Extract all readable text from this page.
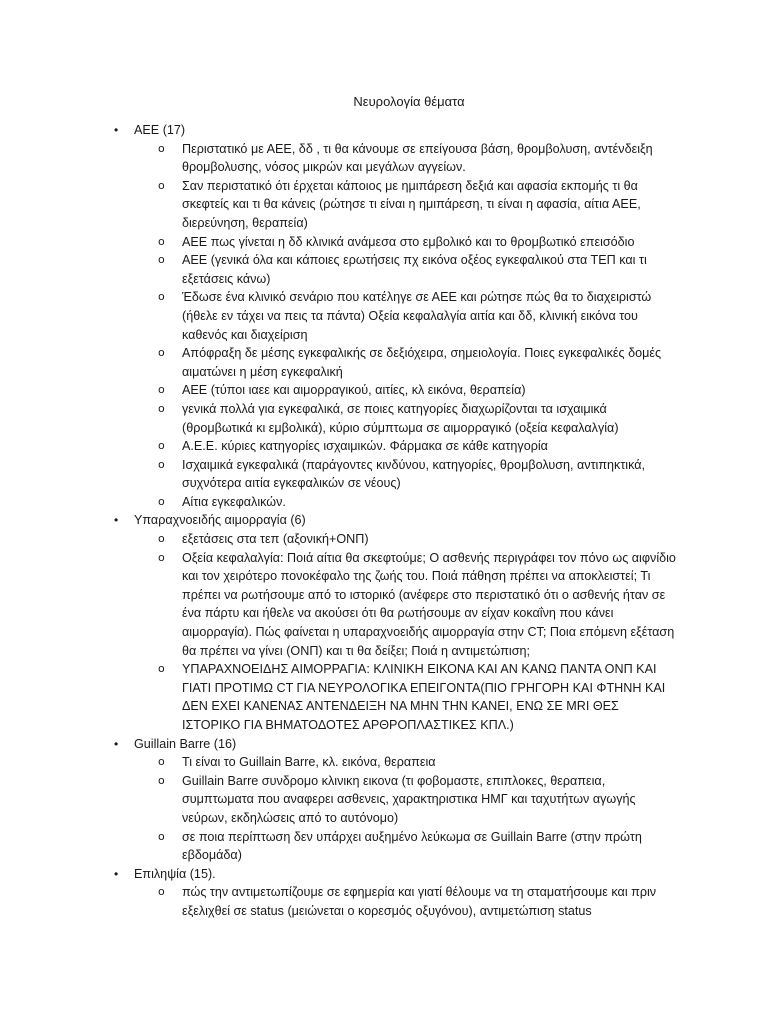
Νευρολογία θέματα
• ΑΕΕ (17)
o Περιστατικό με ΑΕΕ, δδ , τι θα κάνουμε σε επείγουσα βάση, θρομβολυση, αντένδειξη θρομβολυσης, νόσος μικρών και μεγάλων αγγείων.
o Σαν περιστατικό ότι έρχεται κάποιος με ημιπάρεση δεξιά και αφασία εκπομής τι θα σκεφτείς και τι θα κάνεις (ρώτησε τι είναι η ημιπάρεση, τι είναι η αφασία, αίτια ΑΕΕ, διερεύνηση, θεραπεία)
o ΑΕΕ πως γίνεται η δδ κλινικά ανάμεσα στο εμβολικό και το θρομβωτικό επεισόδιο
o ΑΕΕ (γενικά όλα και κάποιες ερωτήσεις πχ εικόνα οξέος εγκεφαλικού στα ΤΕΠ και τι εξετάσεις κάνω)
o Έδωσε ένα κλινικό σενάριο που κατέληγε σε ΑΕΕ και ρώτησε πώς θα το διαχειριστώ (ήθελε εν τάχει να πεις τα πάντα) Οξεία κεφαλαλγία αιτία και δδ, κλινική εικόνα του καθενός και διαχείριση
o Απόφραξη δε μέσης εγκεφαλικής σε δεξιόχειρα, σημειολογία. Ποιες εγκεφαλικές δομές αιματώνει η μέση εγκεφαλική
o ΑΕΕ (τύποι ιαεε και αιμορραγικού, αιτίες, κλ εικόνα, θεραπεία)
o γενικά πολλά για εγκεφαλικά, σε ποιες κατηγορίες διαχωρίζονται τα ισχαιμικά (θρομβωτικά κι εμβολικά), κύριο σύμπτωμα σε αιμορραγικό (οξεία κεφαλαλγία)
o Α.Ε.Ε. κύριες κατηγορίες ισχαιμικών. Φάρμακα σε κάθε κατηγορία
o Ισχαιμικά εγκεφαλικά (παράγοντες κινδύνου, κατηγορίες, θρομβολυση, αντιπηκτικά, συχνότερα αιτία εγκεφαλικών σε νέους)
o Αίτια εγκεφαλικών.
• Υπαραχνοειδής αιμορραγία (6)
o εξετάσεις στα τεπ (αξονική+ΟΝΠ)
o Οξεία κεφαλαλγία: Ποιά αίτια θα σκεφτούμε; Ο ασθενής περιγράφει τον πόνο ως αιφνίδιο και τον χειρότερο πονοκέφαλο της ζωής του. Ποιά πάθηση πρέπει να αποκλειστεί; Τι πρέπει να ρωτήσουμε από το ιστορικό (ανέφερε στο περιστατικό ότι ο ασθενής ήταν σε ένα πάρτυ και ήθελε να ακούσει ότι θα ρωτήσουμε αν είχαν κοκαΐνη που κάνει αιμορραγία). Πώς φαίνεται η υπαραχνοειδής αιμορραγία στην CT; Ποια επόμενη εξέταση θα πρέπει να γίνει (ΟΝΠ) και τι θα δείξει; Ποιά η αντιμετώπιση;
o ΥΠΑΡΑΧΝΟΕΙΔΗΣ ΑΙΜΟΡΡΑΓΙΑ: ΚΛΙΝΙΚΗ ΕΙΚΟΝΑ ΚΑΙ ΑΝ ΚΑΝΩ ΠΑΝΤΑ ΟΝΠ ΚΑΙ ΓΙΑΤΙ ΠΡΟΤΙΜΩ CT ΓΙΑ ΝΕΥΡΟΛΟΓΙΚΑ ΕΠΕΙΓΟΝΤΑ(ΠΙΟ ΓΡΗΓΟΡΗ ΚΑΙ ΦΤΗΝΗ ΚΑΙ ΔΕΝ ΕΧΕΙ ΚΑΝΕΝΑΣ ΑΝΤΕΝΔΕΙΞΗ ΝΑ ΜΗΝ ΤΗΝ ΚΑΝΕΙ, ΕΝΩ ΣΕ MRI ΘΕΣ ΙΣΤΟΡΙΚΟ ΓΙΑ ΒΗΜΑΤΟΔΟΤΕΣ ΑΡΘΡΟΠΛΑΣΤΙΚΕΣ ΚΠΛ.)
• Guillain Barre (16)
o Τι είναι το Guillain Barre, κλ. εικόνα, θεραπεια
o Guillain Barre συνδρομο κλινικη εικονα (τι φοβομαστε, επιπλοκες, θεραπεια, συμπτωματα που αναφερει ασθενεις, χαρακτηριστικα ΗΜΓ και ταχυτήτων αγωγής νεύρων, εκδηλώσεις από το αυτόνομο)
o σε ποια περίπτωση δεν υπάρχει αυξημένο λεύκωμα σε Guillain Barre (στην πρώτη εβδομάδα)
• Επιληψία (15).
o πώς την αντιμετωπίζουμε σε εφημερία και γιατί θέλουμε να τη σταματήσουμε και πριν εξελιχθεί σε status (μειώνεται ο κορεσμός οξυγόνου), αντιμετώπιση status
